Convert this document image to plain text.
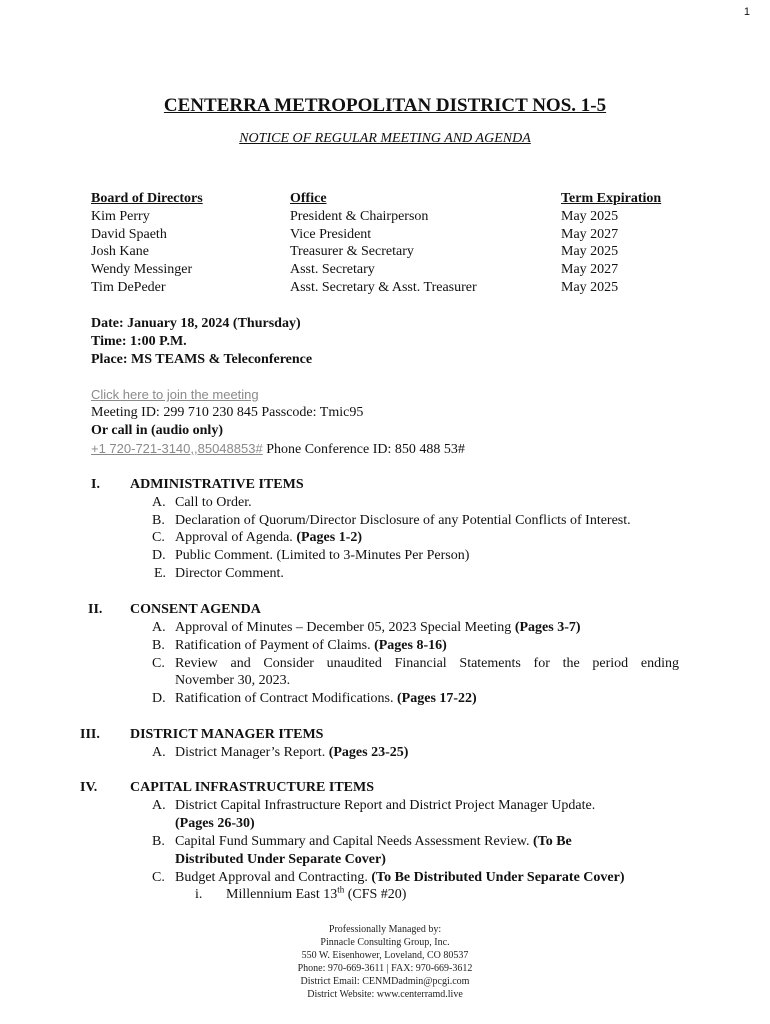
1
CENTERRA METROPOLITAN DISTRICT NOS. 1-5
NOTICE OF REGULAR MEETING AND AGENDA
Board of Directors	Office	Term Expiration
Kim Perry	President & Chairperson	May 2025
David Spaeth	Vice President	May 2027
Josh Kane	Treasurer & Secretary	May 2025
Wendy Messinger	Asst. Secretary	May 2027
Tim DePeder	Asst. Secretary & Asst. Treasurer	May 2025
Date: January 18, 2024 (Thursday)
Time: 1:00 P.M.
Place: MS TEAMS & Teleconference
Click here to join the meeting
Meeting ID: 299 710 230 845 Passcode: Tmic95
Or call in (audio only)
+1 720-721-3140,,85048853# Phone Conference ID: 850 488 53#
I.	ADMINISTRATIVE ITEMS
A. Call to Order.
B. Declaration of Quorum/Director Disclosure of any Potential Conflicts of Interest.
C. Approval of Agenda. (Pages 1-2)
D. Public Comment. (Limited to 3-Minutes Per Person)
E. Director Comment.
II. CONSENT AGENDA
A. Approval of Minutes – December 05, 2023 Special Meeting (Pages 3-7)
B. Ratification of Payment of Claims. (Pages 8-16)
C. Review and Consider unaudited Financial Statements for the period ending
November 30, 2023.
D. Ratification of Contract Modifications. (Pages 17-22)
III. DISTRICT MANAGER ITEMS
A. District Manager’s Report. (Pages 23-25)
IV. CAPITAL INFRASTRUCTURE ITEMS
A. District Capital Infrastructure Report and District Project Manager Update.
(Pages 26-30)
B. Capital Fund Summary and Capital Needs Assessment Review. (To Be
Distributed Under Separate Cover)
C. Budget Approval and Contracting. (To Be Distributed Under Separate Cover)
i. Millennium East 13th (CFS #20)
Professionally Managed by:
Pinnacle Consulting Group, Inc.
550 W. Eisenhower, Loveland, CO 80537
Phone: 970-669-3611 | FAX: 970-669-3612
District Email: CENMDadmin@pcgi.com
District Website: www.centerramd.live
